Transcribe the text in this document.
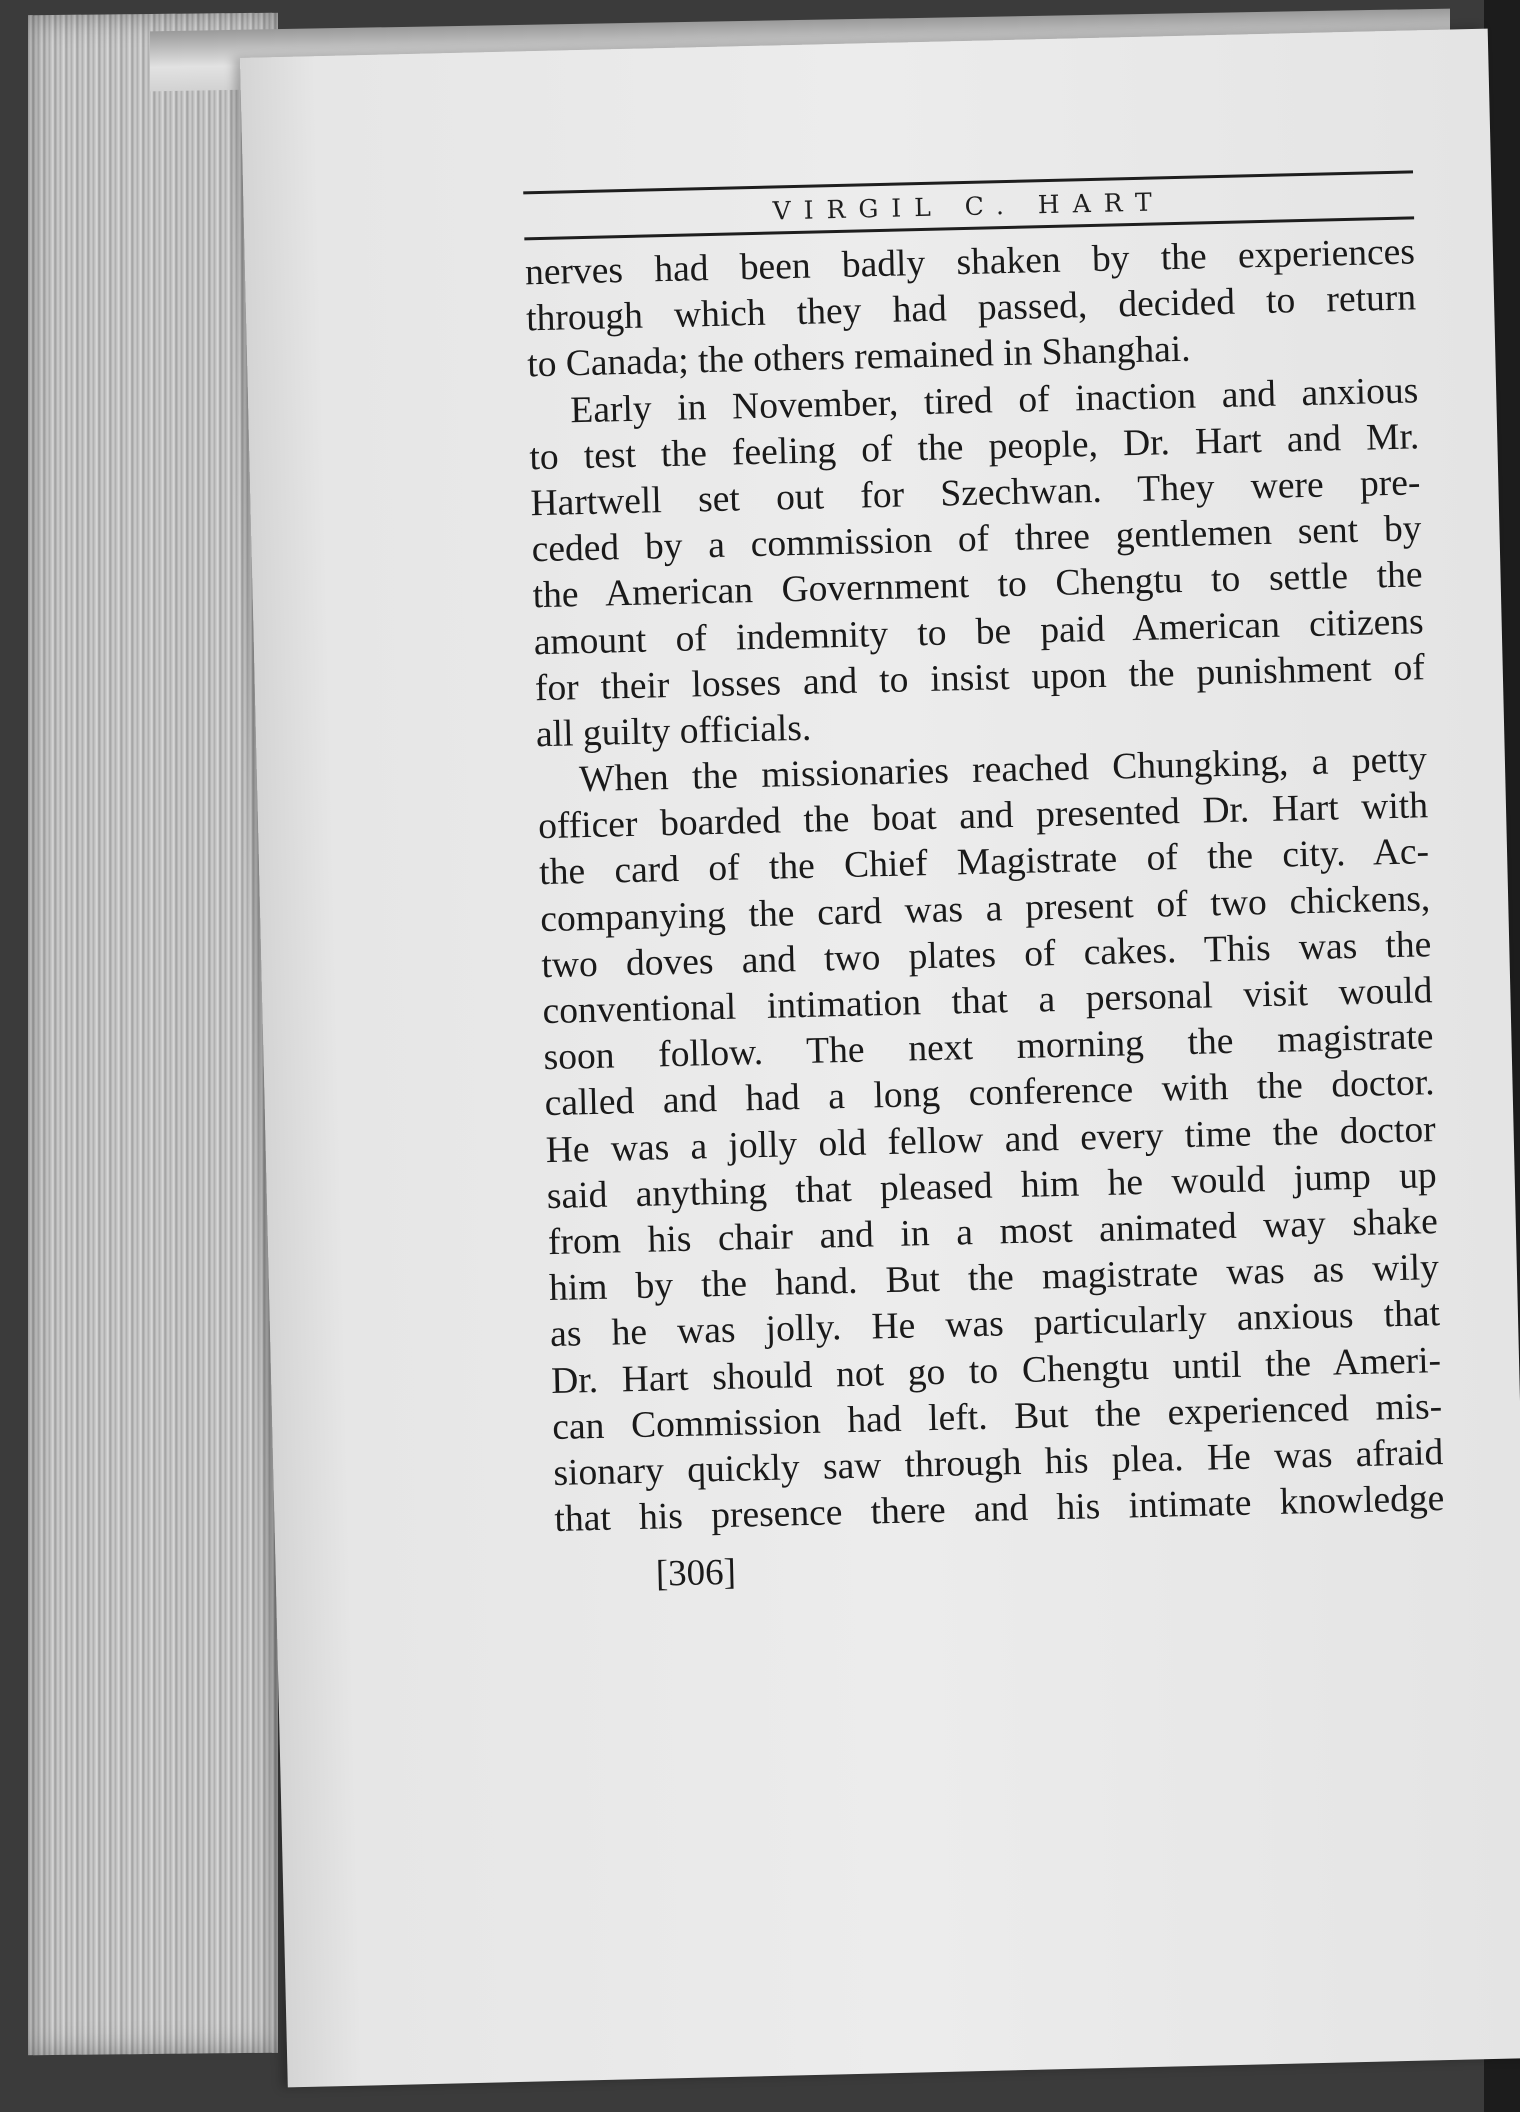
VIRGIL C. HART
nerves had been badly shaken by the experiences
through which they had passed, decided to return
to Canada; the others remained in Shanghai.
Early in November, tired of inaction and anxious
to test the feeling of the people, Dr. Hart and Mr.
Hartwell set out for Szechwan. They were pre-
ceded by a commission of three gentlemen sent by
the American Government to Chengtu to settle the
amount of indemnity to be paid American citizens
for their losses and to insist upon the punishment of
all guilty officials.
When the missionaries reached Chungking, a petty
officer boarded the boat and presented Dr. Hart with
the card of the Chief Magistrate of the city. Ac-
companying the card was a present of two chickens,
two doves and two plates of cakes. This was the
conventional intimation that a personal visit would
soon follow. The next morning the magistrate
called and had a long conference with the doctor.
He was a jolly old fellow and every time the doctor
said anything that pleased him he would jump up
from his chair and in a most animated way shake
him by the hand. But the magistrate was as wily
as he was jolly. He was particularly anxious that
Dr. Hart should not go to Chengtu until the Ameri-
can Commission had left. But the experienced mis-
sionary quickly saw through his plea. He was afraid
that his presence there and his intimate knowledge
[306]
